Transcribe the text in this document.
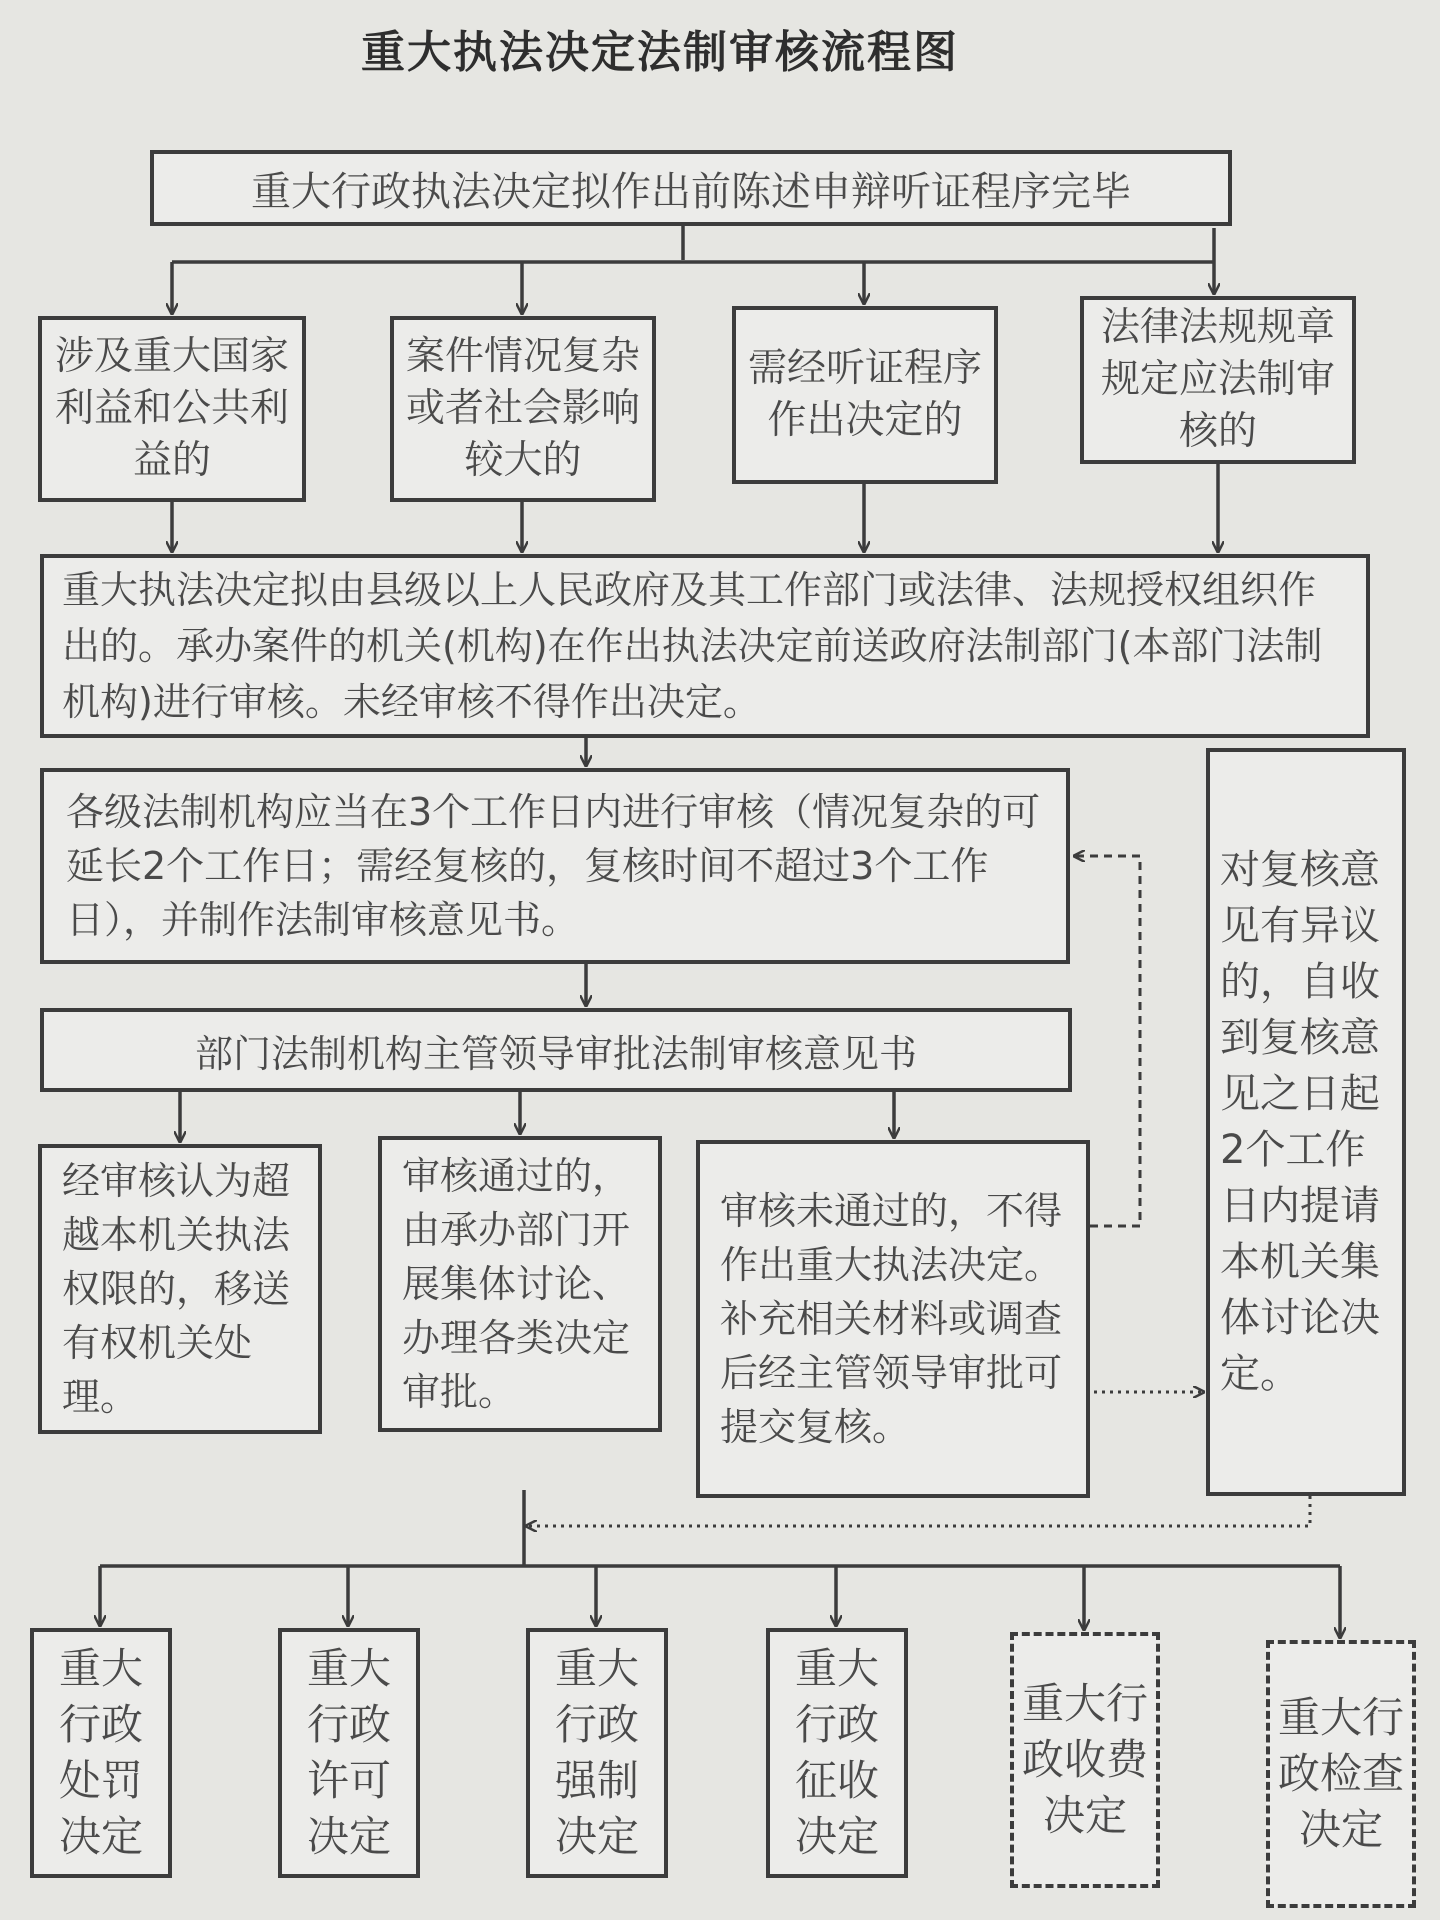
重大执法决定法制审核流程图
重大行政执法决定拟作出前陈述申辩听证程序完毕
涉及重大国家利益和公共利益的
案件情况复杂或者社会影响较大的
需经听证程序作出决定的
法律法规规章规定应法制审核的
重大执法决定拟由县级以上人民政府及其工作部门或法律、法规授权组织作出的。承办案件的机关(机构)在作出执法决定前送政府法制部门(本部门法制机构)进行审核。未经审核不得作出决定。
各级法制机构应当在3个工作日内进行审核（情况复杂的可延长2个工作日；需经复核的，复核时间不超过3个工作日），并制作法制审核意见书。
部门法制机构主管领导审批法制审核意见书
经审核认为超越本机关执法权限的，移送有权机关处理。
审核通过的，由承办部门开展集体讨论、办理各类决定审批。
审核未通过的，不得作出重大执法决定。补充相关材料或调查后经主管领导审批可提交复核。
对复核意见有异议的，自收到复核意见之日起2个工作日内提请本机关集体讨论决定。
重大行政处罚决定
重大行政许可决定
重大行政强制决定
重大行政征收决定
重大行政收费决定
重大行政检查决定
